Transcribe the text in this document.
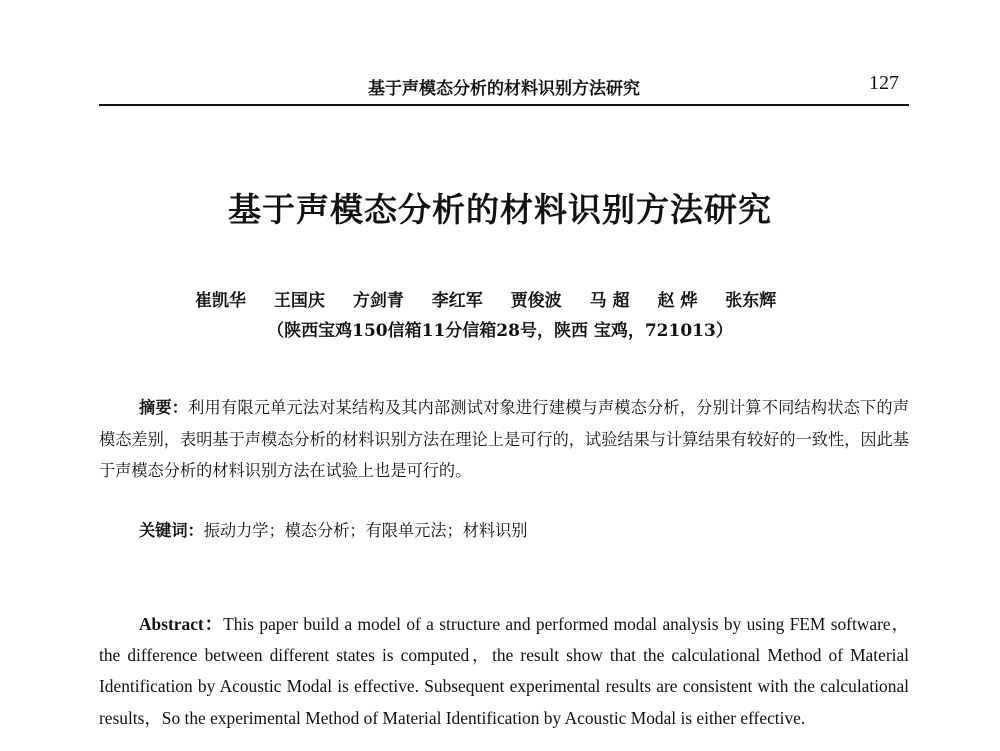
基于声模态分析的材料识别方法研究	127
基于声模态分析的材料识别方法研究
崔凯华 王国庆 方剑青 李红军 贾俊波 马 超 赵 烨 张东辉
（陕西宝鸡150信箱11分信箱28号，陕西 宝鸡，721013）
摘要：利用有限元单元法对某结构及其内部测试对象进行建模与声模态分析，分别计算不同结构状态下的声模态差别，表明基于声模态分析的材料识别方法在理论上是可行的，试验结果与计算结果有较好的一致性，因此基于声模态分析的材料识别方法在试验上也是可行的。
关键词：振动力学；模态分析；有限单元法；材料识别
Abstract：This paper build a model of a structure and performed modal analysis by using FEM software，the difference between different states is computed，the result show that the calculational Method of Material Identification by Acoustic Modal is effective. Subsequent experimental results are consistent with the calculational results，So the experimental Method of Material Identification by Acoustic Modal is either effective.
